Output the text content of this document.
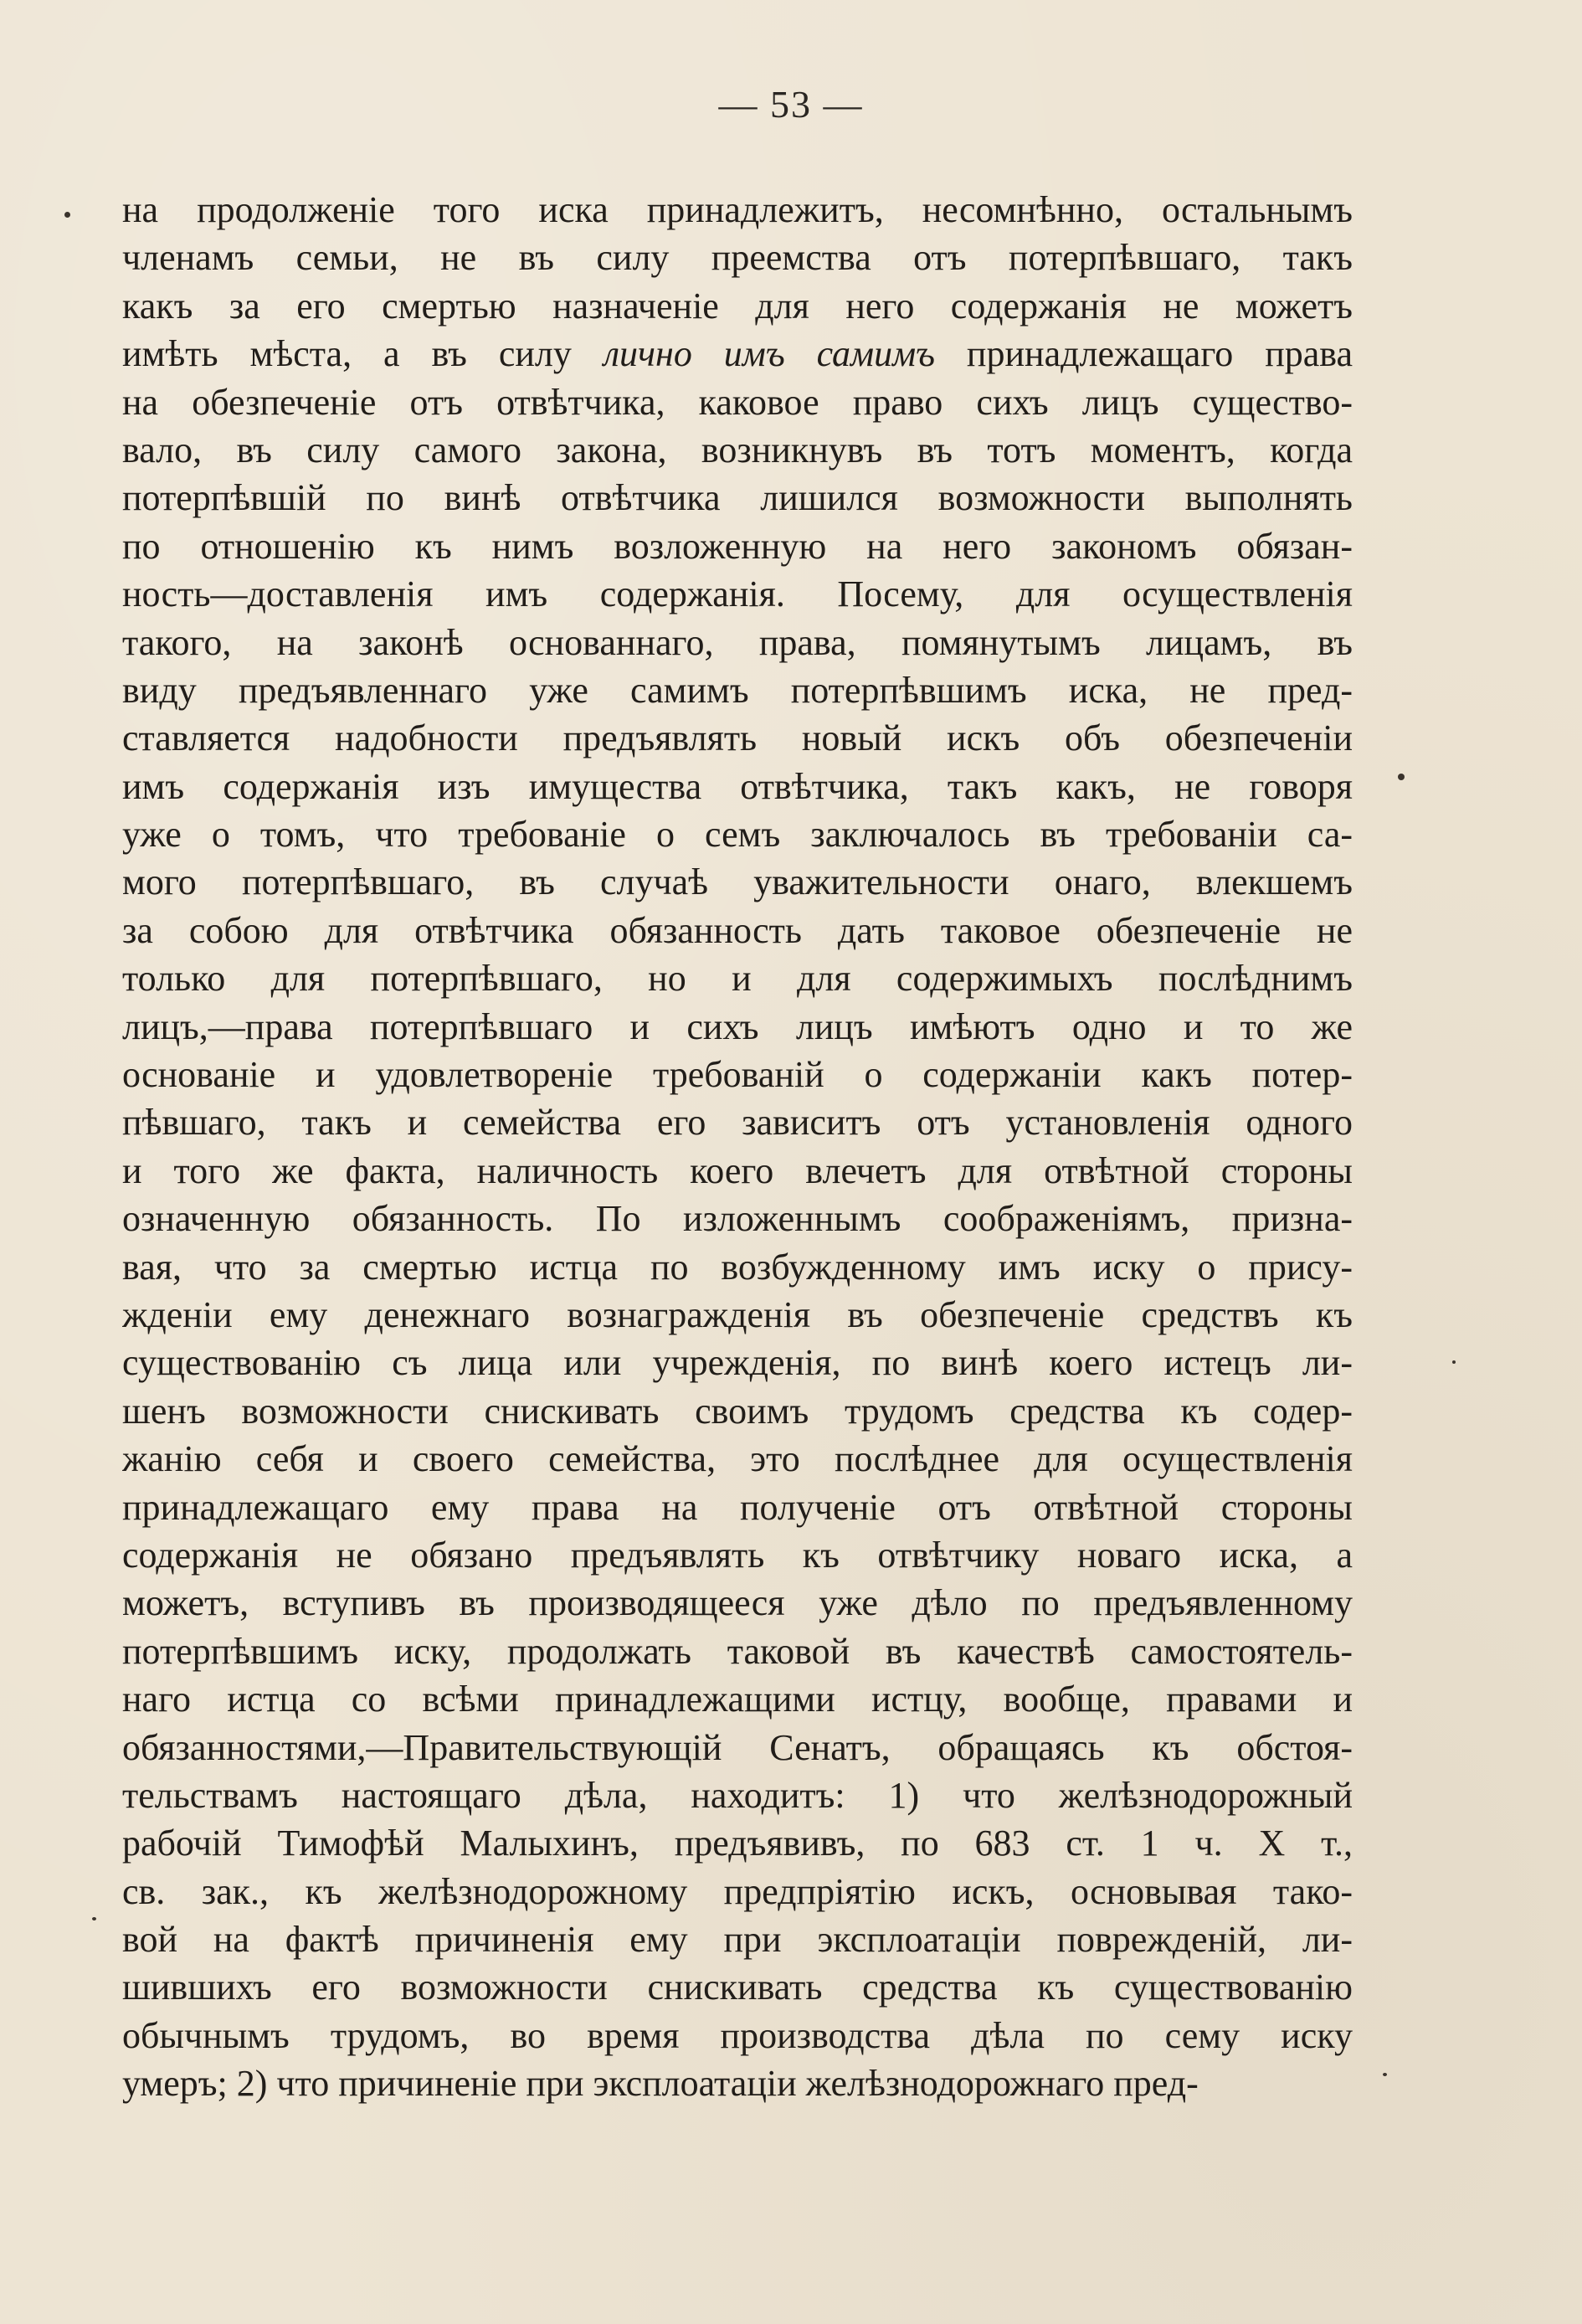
— 53 —
на продолженіе того иска принадлежитъ, несомнѣнно, остальнымъ
членамъ семьи, не въ силу преемства отъ потерпѣвшаго, такъ
какъ за его смертью назначеніе для него содержанія не можетъ
имѣть мѣста, а въ силу лично имъ самимъ принадлежащаго права
на обезпеченіе отъ отвѣтчика, каковое право сихъ лицъ существо-
вало, въ силу самого закона, возникнувъ въ тотъ моментъ, когда
потерпѣвшій по винѣ отвѣтчика лишился возможности выполнять
по отношенію къ нимъ возложенную на него закономъ обязан-
ность—доставленія имъ содержанія. Посему, для осуществленія
такого, на законѣ основаннаго, права, помянутымъ лицамъ, въ
виду предъявленнаго уже самимъ потерпѣвшимъ иска, не пред-
ставляется надобности предъявлять новый искъ объ обезпеченіи
имъ содержанія изъ имущества отвѣтчика, такъ какъ, не говоря
уже о томъ, что требованіе о семъ заключалось въ требованіи са-
мого потерпѣвшаго, въ случаѣ уважительности онаго, влекшемъ
за собою для отвѣтчика обязанность дать таковое обезпеченіе не
только для потерпѣвшаго, но и для содержимыхъ послѣднимъ
лицъ,—права потерпѣвшаго и сихъ лицъ имѣютъ одно и то же
основаніе и удовлетвореніе требованій о содержаніи какъ потер-
пѣвшаго, такъ и семейства его зависитъ отъ установленія одного
и того же факта, наличность коего влечетъ для отвѣтной стороны
означенную обязанность. По изложеннымъ соображеніямъ, призна-
вая, что за смертью истца по возбужденному имъ иску о прису-
жденіи ему денежнаго вознагражденія въ обезпеченіе средствъ къ
существованію съ лица или учрежденія, по винѣ коего истецъ ли-
шенъ возможности снискивать своимъ трудомъ средства къ содер-
жанію себя и своего семейства, это послѣднее для осуществленія
принадлежащаго ему права на полученіе отъ отвѣтной стороны
содержанія не обязано предъявлять къ отвѣтчику новаго иска, а
можетъ, вступивъ въ производящееся уже дѣло по предъявленному
потерпѣвшимъ иску, продолжать таковой въ качествѣ самостоятель-
наго истца со всѣми принадлежащими истцу, вообще, правами и
обязанностями,—Правительствующій Сенатъ, обращаясь къ обстоя-
тельствамъ настоящаго дѣла, находитъ: 1) что желѣзнодорожный
рабочій Тимофѣй Малыхинъ, предъявивъ, по 683 ст. 1 ч. X т.,
св. зак., къ желѣзнодорожному предпріятію искъ, основывая тако-
вой на фактѣ причиненія ему при эксплоатаціи поврежденій, ли-
шившихъ его возможности снискивать средства къ существованію
обычнымъ трудомъ, во время производства дѣла по сему иску
умеръ; 2) что причиненіе при эксплоатаціи желѣзнодорожнаго пред-
